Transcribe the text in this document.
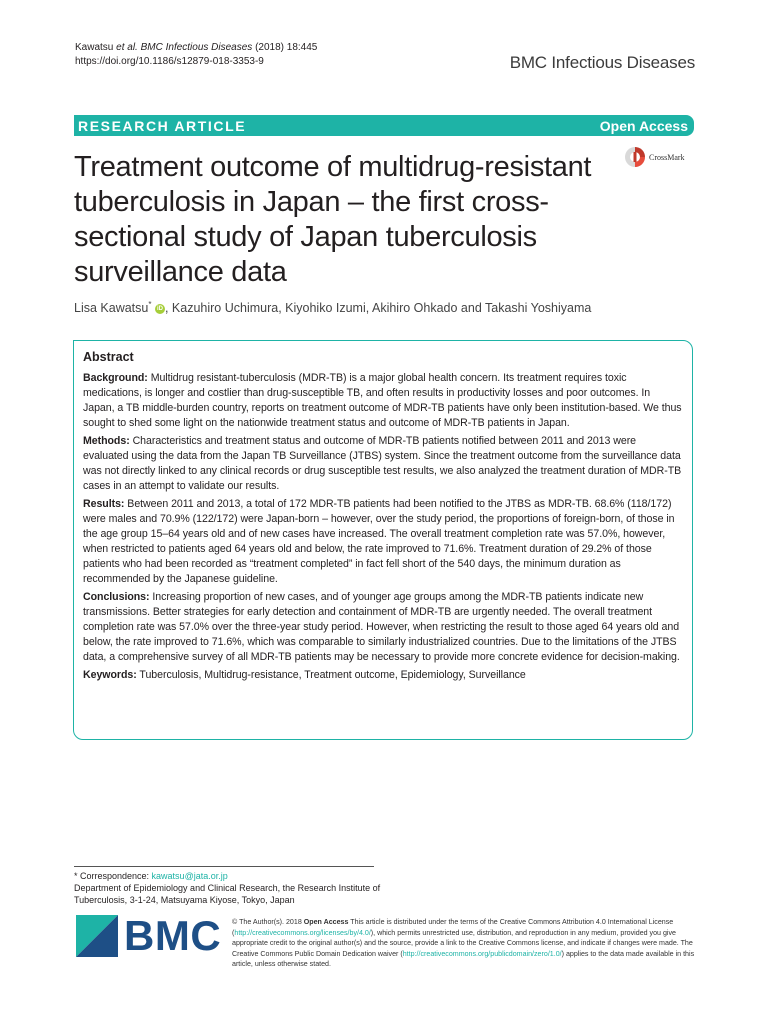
Kawatsu et al. BMC Infectious Diseases (2018) 18:445
https://doi.org/10.1186/s12879-018-3353-9	BMC Infectious Diseases
RESEARCH ARTICLE	Open Access
Treatment outcome of multidrug-resistant tuberculosis in Japan – the first cross-sectional study of Japan tuberculosis surveillance data
CrossMark
Lisa Kawatsu* iD , Kazuhiro Uchimura, Kiyohiko Izumi, Akihiro Ohkado and Takashi Yoshiyama
Abstract

Background: Multidrug resistant-tuberculosis (MDR-TB) is a major global health concern. Its treatment requires toxic medications, is longer and costlier than drug-susceptible TB, and often results in productivity losses and poor outcomes. In Japan, a TB middle-burden country, reports on treatment outcome of MDR-TB patients have only been institution-based. We thus sought to shed some light on the nationwide treatment status and outcome of MDR-TB patients in Japan.

Methods: Characteristics and treatment status and outcome of MDR-TB patients notified between 2011 and 2013 were evaluated using the data from the Japan TB Surveillance (JTBS) system. Since the treatment outcome from the surveillance data was not directly linked to any clinical records or drug susceptible test results, we also analyzed the treatment duration of MDR-TB cases in an attempt to validate our results.

Results: Between 2011 and 2013, a total of 172 MDR-TB patients had been notified to the JTBS as MDR-TB. 68.6% (118/172) were males and 70.9% (122/172) were Japan-born – however, over the study period, the proportions of foreign-born, of those in the age group 15–64 years old and of new cases have increased. The overall treatment completion rate was 57.0%, however, when restricted to patients aged 64 years old and below, the rate improved to 71.6%. Treatment duration of 29.2% of those patients who had been recorded as “treatment completed” in fact fell short of the 540 days, the minimum duration as recommended by the Japanese guideline.

Conclusions: Increasing proportion of new cases, and of younger age groups among the MDR-TB patients indicate new transmissions. Better strategies for early detection and containment of MDR-TB are urgently needed. The overall treatment completion rate was 57.0% over the three-year study period. However, when restricting the result to those aged 64 years old and below, the rate improved to 71.6%, which was comparable to similarly industrialized countries. Due to the limitations of the JTBS data, a comprehensive survey of all MDR-TB patients may be necessary to provide more concrete evidence for decision-making.

Keywords: Tuberculosis, Multidrug-resistance, Treatment outcome, Epidemiology, Surveillance

* Correspondence: kawatsu@jata.or.jp
Department of Epidemiology and Clinical Research, the Research Institute of Tuberculosis, 3-1-24, Matsuyama Kiyose, Tokyo, Japan
BMC © The Author(s). 2018 Open Access This article is distributed under the terms of the Creative Commons Attribution 4.0 International License (http://creativecommons.org/licenses/by/4.0/), which permits unrestricted use, distribution, and reproduction in any medium, provided you give appropriate credit to the original author(s) and the source, provide a link to the Creative Commons license, and indicate if changes were made. The Creative Commons Public Domain Dedication waiver (http://creativecommons.org/publicdomain/zero/1.0/) applies to the data made available in this article, unless otherwise stated.
